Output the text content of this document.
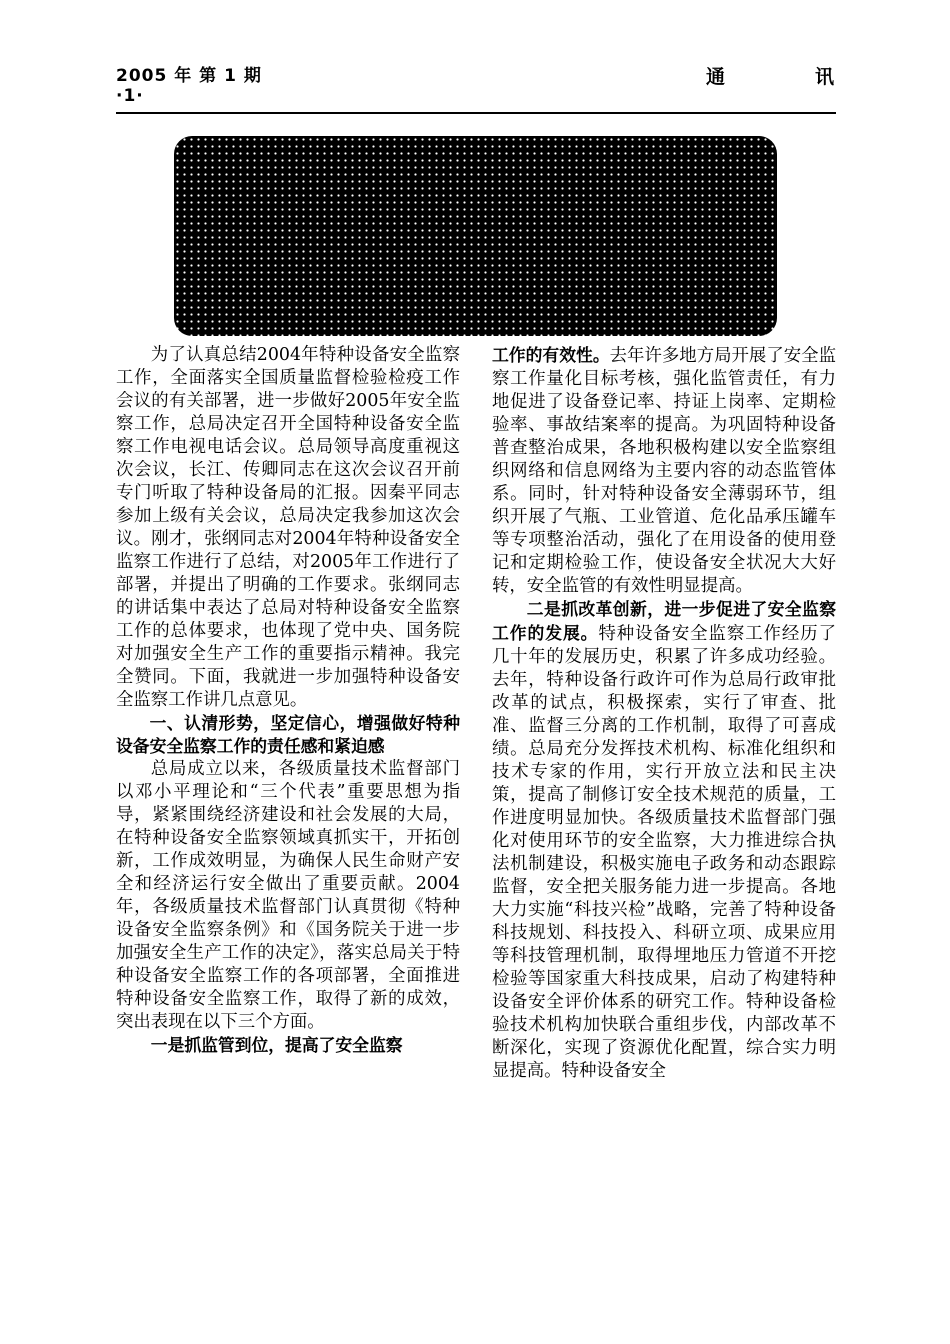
2005 年 第 1 期
·1·
通	讯

为了认真总结2004年特种设备安全监察工作，全面落实全国质量监督检验检疫工作会议的有关部署，进一步做好2005年安全监察工作，总局决定召开全国特种设备安全监察工作电视电话会议。总局领导高度重视这次会议，长江、传卿同志在这次会议召开前专门听取了特种设备局的汇报。因秦平同志参加上级有关会议，总局决定我参加这次会议。刚才，张纲同志对2004年特种设备安全监察工作进行了总结，对2005年工作进行了部署，并提出了明确的工作要求。张纲同志的讲话集中表达了总局对特种设备安全监察工作的总体要求，也体现了党中央、国务院对加强安全生产工作的重要指示精神。我完全赞同。下面，我就进一步加强特种设备安全监察工作讲几点意见。

一、认清形势，坚定信心，增强做好特种设备安全监察工作的责任感和紧迫感

总局成立以来，各级质量技术监督部门以邓小平理论和“三个代表”重要思想为指导，紧紧围绕经济建设和社会发展的大局，在特种设备安全监察领域真抓实干，开拓创新，工作成效明显，为确保人民生命财产安全和经济运行安全做出了重要贡献。2004年，各级质量技术监督部门认真贯彻《特种设备安全监察条例》和《国务院关于进一步加强安全生产工作的决定》，落实总局关于特种设备安全监察工作的各项部署，全面推进特种设备安全监察工作，取得了新的成效，突出表现在以下三个方面。

一是抓监管到位，提高了安全监察

工作的有效性。去年许多地方局开展了安全监察工作量化目标考核，强化监管责任，有力地促进了设备登记率、持证上岗率、定期检验率、事故结案率的提高。为巩固特种设备普查整治成果，各地积极构建以安全监察组织网络和信息网络为主要内容的动态监管体系。同时，针对特种设备安全薄弱环节，组织开展了气瓶、工业管道、危化品承压罐车等专项整治活动，强化了在用设备的使用登记和定期检验工作，使设备安全状况大大好转，安全监管的有效性明显提高。

二是抓改革创新，进一步促进了安全监察工作的发展。特种设备安全监察工作经历了几十年的发展历史，积累了许多成功经验。去年，特种设备行政许可作为总局行政审批改革的试点，积极探索，实行了审查、批准、监督三分离的工作机制，取得了可喜成绩。总局充分发挥技术机构、标准化组织和技术专家的作用，实行开放立法和民主决策，提高了制修订安全技术规范的质量，工作进度明显加快。各级质量技术监督部门强化对使用环节的安全监察，大力推进综合执法机制建设，积极实施电子政务和动态跟踪监督，安全把关服务能力进一步提高。各地大力实施“科技兴检”战略，完善了特种设备科技规划、科技投入、科研立项、成果应用等科技管理机制，取得埋地压力管道不开挖检验等国家重大科技成果，启动了构建特种设备安全评价体系的研究工作。特种设备检验技术机构加快联合重组步伐，内部改革不断深化，实现了资源优化配置，综合实力明显提高。特种设备安全
